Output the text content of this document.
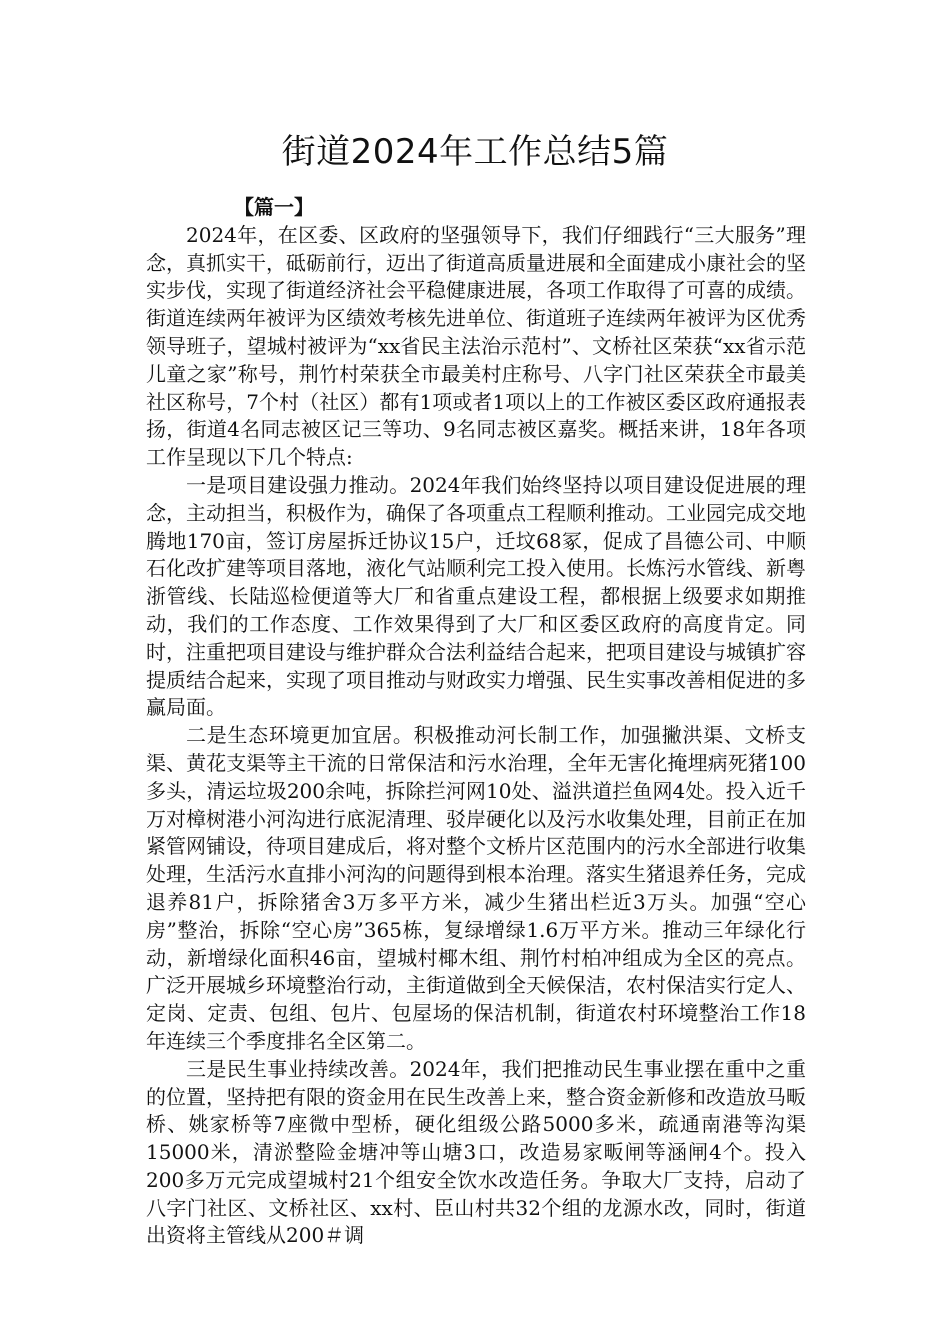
街道2024年工作总结5篇

【篇一】

2024年，在区委、区政府的坚强领导下，我们仔细践行“三大服务”理念，真抓实干，砥砺前行，迈出了街道高质量进展和全面建成小康社会的坚实步伐，实现了街道经济社会平稳健康进展，各项工作取得了可喜的成绩。街道连续两年被评为区绩效考核先进单位、街道班子连续两年被评为区优秀领导班子，望城村被评为“xx省民主法治示范村”、文桥社区荣获“xx省示范儿童之家”称号，荆竹村荣获全市最美村庄称号、八字门社区荣获全市最美社区称号，7个村（社区）都有1项或者1项以上的工作被区委区政府通报表扬，街道4名同志被区记三等功、9名同志被区嘉奖。概括来讲，18年各项工作呈现以下几个特点:

一是项目建设强力推动。2024年我们始终坚持以项目建设促进展的理念，主动担当，积极作为，确保了各项重点工程顺利推动。工业园完成交地腾地170亩，签订房屋拆迁协议15户，迁坟68冢，促成了昌德公司、中顺石化改扩建等项目落地，液化气站顺利完工投入使用。长炼污水管线、新粤浙管线、长陆巡检便道等大厂和省重点建设工程，都根据上级要求如期推动，我们的工作态度、工作效果得到了大厂和区委区政府的高度肯定。同时，注重把项目建设与维护群众合法利益结合起来，把项目建设与城镇扩容提质结合起来，实现了项目推动与财政实力增强、民生实事改善相促进的多赢局面。

二是生态环境更加宜居。积极推动河长制工作，加强撇洪渠、文桥支渠、黄花支渠等主干流的日常保洁和污水治理，全年无害化掩埋病死猪100多头，清运垃圾200余吨，拆除拦河网10处、溢洪道拦鱼网4处。投入近千万对樟树港小河沟进行底泥清理、驳岸硬化以及污水收集处理，目前正在加紧管网铺设，待项目建成后，将对整个文桥片区范围内的污水全部进行收集处理，生活污水直排小河沟的问题得到根本治理。落实生猪退养任务，完成退养81户，拆除猪舍3万多平方米，减少生猪出栏近3万头。加强“空心房”整治，拆除“空心房”365栋，复绿增绿1.6万平方米。推动三年绿化行动，新增绿化面积46亩，望城村椰木组、荆竹村柏冲组成为全区的亮点。广泛开展城乡环境整治行动，主街道做到全天候保洁，农村保洁实行定人、定岗、定责、包组、包片、包屋场的保洁机制，街道农村环境整治工作18年连续三个季度排名全区第二。

三是民生事业持续改善。2024年，我们把推动民生事业摆在重中之重的位置，坚持把有限的资金用在民生改善上来，整合资金新修和改造放马畈桥、姚家桥等7座微中型桥，硬化组级公路5000多米，疏通南港等沟渠15000米，清淤整险金塘冲等山塘3口，改造易家畈闸等涵闸4个。投入200多万元完成望城村21个组安全饮水改造任务。争取大厂支持，启动了八字门社区、文桥社区、xx村、臣山村共32个组的龙源水改，同时，街道出资将主管线从200＃调
